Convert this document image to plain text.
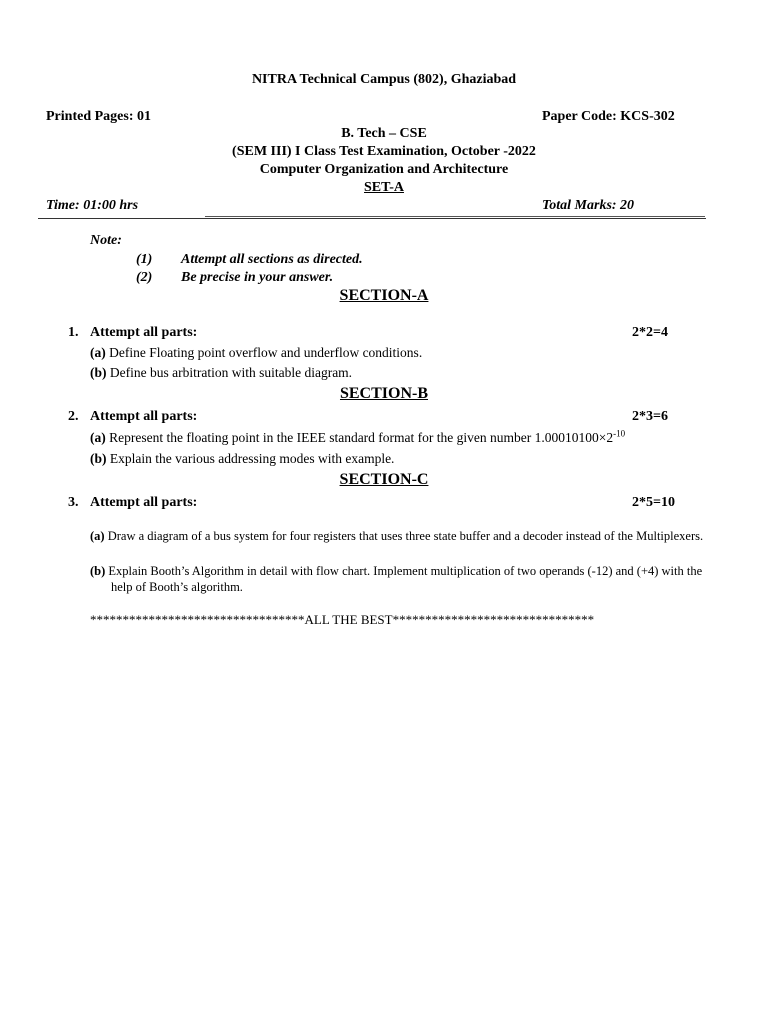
NITRA Technical Campus (802), Ghaziabad
Printed Pages: 01	Paper Code: KCS-302
B. Tech – CSE
(SEM III) I Class Test Examination, October -2022
Computer Organization and Architecture
SET-A
Time: 01:00 hrs	Total Marks: 20
Note:
(1) Attempt all sections as directed.
(2) Be precise in your answer.
SECTION-A
1. Attempt all parts:	2*2=4
(a) Define Floating point overflow and underflow conditions.
(b) Define bus arbitration with suitable diagram.
SECTION-B
2. Attempt all parts:	2*3=6
(a) Represent the floating point in the IEEE standard format for the given number $1.00010100\times 2^{-10}$
(b) Explain the various addressing modes with example.
SECTION-C
3. Attempt all parts:	2*5=10
(a) Draw a diagram of a bus system for four registers that uses three state buffer and a decoder instead of the Multiplexers.
(b) Explain Booth’s Algorithm in detail with flow chart. Implement multiplication of two operands (-12) and (+4) with the help of Booth’s algorithm.
*********************************ALL THE BEST*******************************
